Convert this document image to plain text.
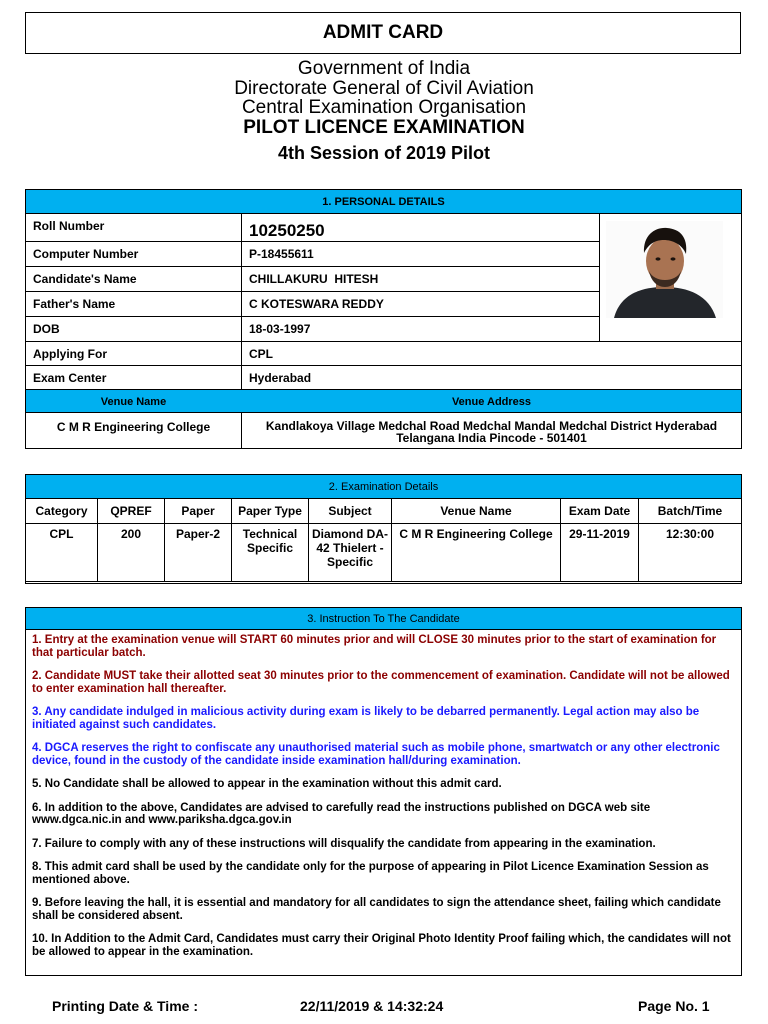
ADMIT CARD
Government of India
Directorate General of Civil Aviation
Central Examination Organisation
PILOT LICENCE EXAMINATION
4th Session of 2019 Pilot
1. PERSONAL DETAILS
Roll Number	10250250
Computer Number	P-18455611
Candidate's Name	CHILLAKURU  HITESH
Father's Name	C KOTESWARA REDDY
DOB	18-03-1997
Applying For	CPL
Exam Center	Hyderabad
Venue Name	Venue Address
C M R Engineering College	Kandlakoya Village Medchal Road Medchal Mandal Medchal District Hyderabad Telangana India Pincode - 501401
2. Examination Details
Category	QPREF	Paper	Paper Type	Subject	Venue Name	Exam Date	Batch/Time
CPL	200	Paper-2	Technical Specific	Diamond DA-42 Thielert - Specific	C M R Engineering College	29-11-2019	12:30:00
3. Instruction To The Candidate

1. Entry at the examination venue will START 60 minutes prior and will CLOSE 30 minutes prior to the start of examination for that particular batch.

2. Candidate MUST take their allotted seat 30 minutes prior to the commencement of examination. Candidate will not be allowed to enter examination hall thereafter.

3. Any candidate indulged in malicious activity during exam is likely to be debarred permanently. Legal action may also be initiated against such candidates.

4. DGCA reserves the right to confiscate any unauthorised material such as mobile phone, smartwatch or any other electronic device, found in the custody of the candidate inside examination hall/during examination.

5. No Candidate shall be allowed to appear in the examination without this admit card.

6. In addition to the above, Candidates are advised to carefully read the instructions published on DGCA web site www.dgca.nic.in and www.pariksha.dgca.gov.in

7. Failure to comply with any of these instructions will disqualify the candidate from appearing in the examination.

8. This admit card shall be used by the candidate only for the purpose of appearing in Pilot Licence Examination Session as mentioned above.

9. Before leaving the hall, it is essential and mandatory for all candidates to sign the attendance sheet, failing which candidate shall be considered absent.

10. In Addition to the Admit Card, Candidates must carry their Original Photo Identity Proof failing which, the candidates will not be allowed to appear in the examination.

Printing Date & Time :	22/11/2019 & 14:32:24	Page No. 1
